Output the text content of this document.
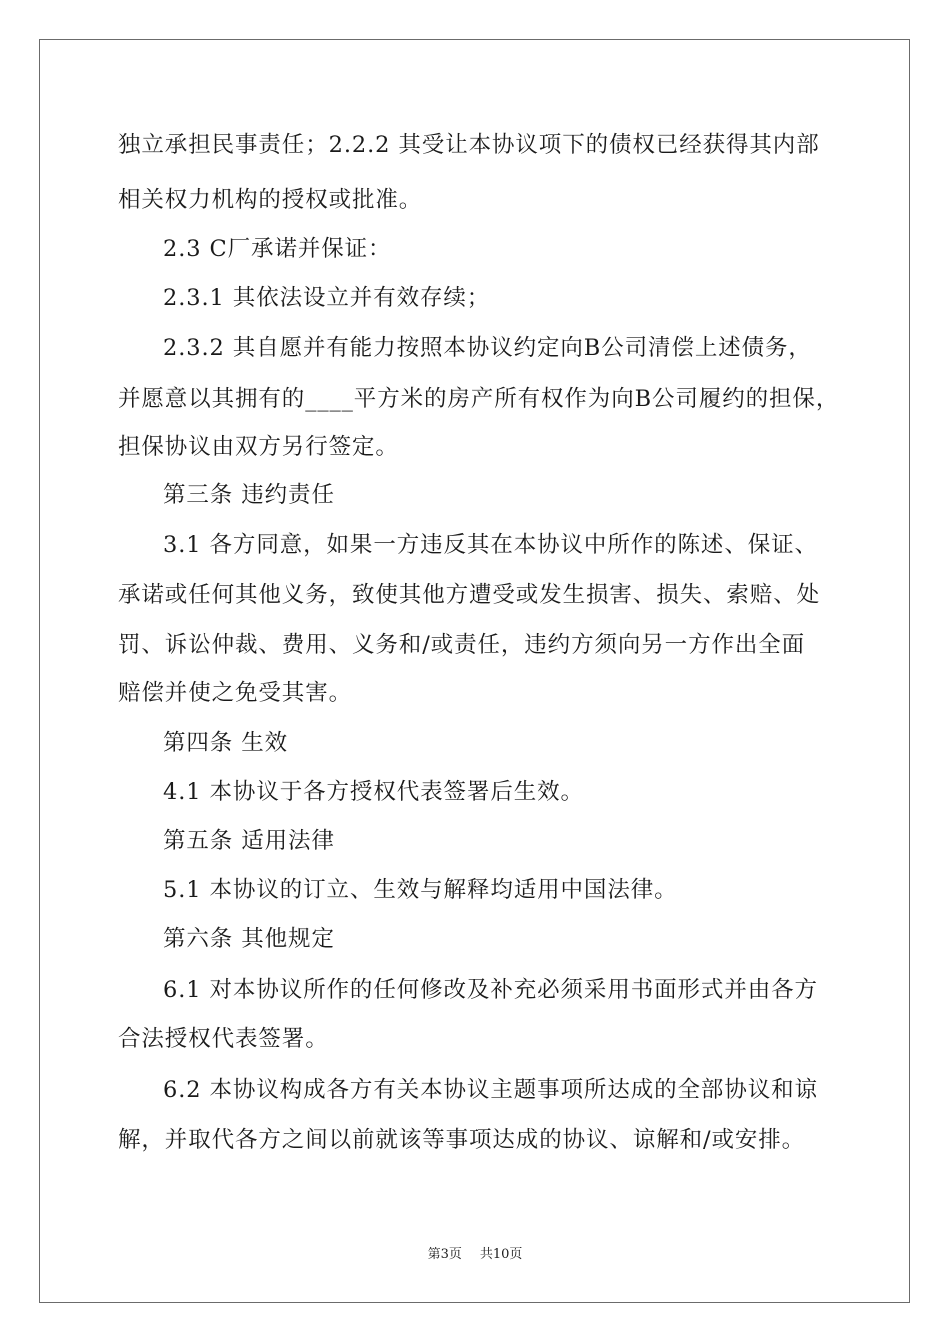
独立承担民事责任；2.2.2 其受让本协议项下的债权已经获得其内部
相关权力机构的授权或批准。
2.3 C厂承诺并保证：
2.3.1 其依法设立并有效存续；
2.3.2 其自愿并有能力按照本协议约定向B公司清偿上述债务，
并愿意以其拥有的____平方米的房产所有权作为向B公司履约的担保，
担保协议由双方另行签定。
第三条 违约责任
3.1 各方同意，如果一方违反其在本协议中所作的陈述、保证、
承诺或任何其他义务，致使其他方遭受或发生损害、损失、索赔、处
罚、诉讼仲裁、费用、义务和/或责任，违约方须向另一方作出全面
赔偿并使之免受其害。
第四条 生效
4.1 本协议于各方授权代表签署后生效。
第五条 适用法律
5.1 本协议的订立、生效与解释均适用中国法律。
第六条 其他规定
6.1 对本协议所作的任何修改及补充必须采用书面形式并由各方
合法授权代表签署。
6.2 本协议构成各方有关本协议主题事项所达成的全部协议和谅
解，并取代各方之间以前就该等事项达成的协议、谅解和/或安排。
第3页 共10页
